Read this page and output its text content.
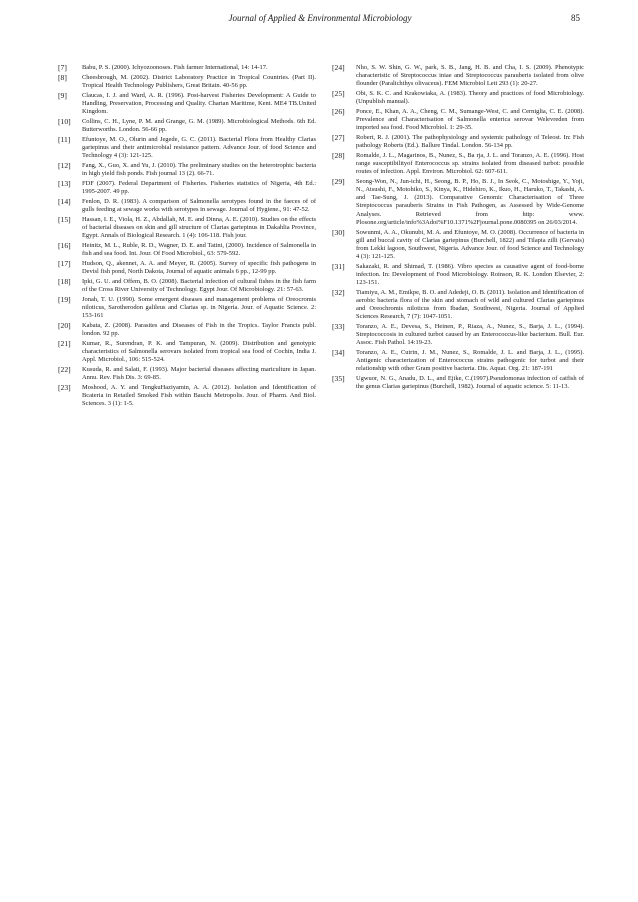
Journal of Applied & Environmental Microbiology	85
[7]	Babu, P. S. (2000). Ichyozoonoses. Fish farmer International, 14: 14-17.
[8]	Cheesbrough, M. (2002). District Laboratory Practice in Tropical Countries. (Part II). Tropical Health Technology Publishers, Great Britain. 40-56 pp.
[9]	Claucas, I. J. and Ward, A. R. (1996). Post-harvest Fisheries Development: A Guide to Handling, Preservation, Processing and Quality. Chartan Maritime, Kent. ME4 TB.United Kingdom.
[10]	Collins, C. H., Lyne, P. M. and Grange, G. M. (1989). Microbiological Methods. 6th Ed. Butterworths. London. 56-66 pp.
[11]	Efuntoye, M. O., Olurin and Jegede, G. C. (2011). Bacterial Flora from Healthy Clarias gariepinus and their antimicrobial resistance pattern. Advance Jour. of food Science and Technology 4 (3): 121-125.
[12]	Fang, X., Guo, X. and Yu, J. (2010). The preliminary studies on the heterotrophic bacteria in high yield fish ponds. Fish journal 13 (2). 66-71.
[13]	FDF (2007). Federal Department of Fisheries. Fisheries statistics of Nigeria, 4th Ed.: 1995-2007. 49 pp.
[14]	Fenlon, D. R. (1983). A comparison of Salmonella serotypes found in the faeces of of gulls feeding at sewage works with serotypes in sewage. Journal of Hygiene., 91: 47-52.
[15]	Hassan, I. E., Viola, H. Z., Abdallah, M. E. and Dinna, A. E. (2010). Studies on the effects of bacterial diseases on skin and gill structure of Clarias gariepinus in Dakahlia Province, Egypt. Annals of Biological Research. 1 (4): 106-118. Fish jour.
[16]	Heinitz, M. L., Ruble, R. D., Wagner, D. E. and Tatini, (2000). Incidence of Salmonella in fish and sea food. Int. Jour. Of Food Microbiol., 63: 579-592.
[17]	Hudson, Q., akennet, A. A. and Meyer, R. (2005). Survey of specific fish pathogens in Devisl fish pond, North Dakota, Journal of aquatic animals 6 pp., 12-99 pp.
[18]	Ipki, G. U. and Offem, B. O. (2008). Bacterial infection of cultural fishes in the fish farm of the Cross River University of Technology. Egypt Jour. Of Microbiology. 21: 57-63.
[19]	Jonah, T. U. (1990). Some emergent diseases and management problems of Oreocromis niloticus, Sarotherodon galileus and Clarias sp. in Nigeria. Jour. of Aquatic Science. 2: 153-161
[20]	Kabata, Z. (2008). Parasites and Diseases of Fish in the Tropics. Taylor Francis publ. london. 92 pp.
[21]	Kumar, R., Surendran, P. K. and Tampuran, N. (2009). Distribution and genotypic characteristics of Salmonella serovars isolated from tropical sea food of Cochin, India J. Appl. Microbiol., 106: 515-524.
[22]	Kusuda, R. and Salati, F. (1993). Major bacterial diseases affecting mariculture in Japan. Annu. Rev. Fish Dis. 3: 69-85.
[23]	Moshood, A. Y. and TengkuHaziyamin, A. A. (2012). Isolation and Identification of Bcateria in Retailed Smoked Fish within Bauchi Metropolis. Jour. of Pharm. And Biol. Sciences. 3 (1): 1-5.
[24]	Nho, S. W. Shin, G. W., park, S. B., Jang, H. B. and Cha, I. S. (2009). Phenotypic characteristic of Streptococcus iniae and Streptococcus parauberis isolated from olive flounder (Paralichthys olivaceus). FEM Microbiol Lett 293 (1): 20-27.
[25]	Obi, S. K. C. and Krakowiaka, A. (1983). Theory and practices of food Microbiology. (Unpublish manual).
[26]	Ponce, E., Khan, A. A., Cheng, C. M., Sumange-West, C. and Cerniglia, C. E. (2008). Prevalence and Characterisation of Salmonella enterica serovar Welevreden from imported sea food. Food Microbiol. 1: 29-35.
[27]	Robert, R. J. (2001). The pathophysiology and systemic pathology of Teleost. In: Fish pathology Roberts (Ed.). Ballure Tindal. London. 56-134 pp.
[28]	Romalde, J. L., Magarinos, B., Nunez, S., Ba rja, J. L. and Toranzo, A. E. (1996). Host range susceptibilityof Enterococcus sp. strains isolated from diseased turbot: possible routes of infection. Appl. Environ. Microbiol. 62: 607-611.
[29]	Seong-Won, N., Jun-ichi, H., Seong, B. P., Ho, B. J., In Seok, C., Motoshige, Y., Yoji, N., Atsushi, F., Motohiko, S., Kinya, K., Hidehiro, K., Ikuo, H., Haruko, T., Takashi, A. and Tae-Sung, J. (2013). Comparative Genomic Characterisation of Three Streptococcus parauberis Strains in Fish Pathogen, as Assessed by Wide-Genome Analyses. Retrieved from http: www. Plosone.org/article/info%3Adoi%F10.1371%2Fjournal.pone.0080395 on 26/03/2014.
[30]	Sowunmi, A. A., Okunubi, M. A. and Efuntoye, M. O. (2008). Occurrence of bacteria in gill and buccal cavity of Clarias gariepinus (Burchell, 1822) and Tilapia zilli (Gervais) from Lekki lagoon, Southwest, Nigeria. Advance Jour. of food Science and Technology 4 (3): 121-125.
[31]	Sakazaki, R. and Shimad, T. (1986). Vibro species as causative agent of food-borne infection. In: Development of Food Microbiology. Roinson, R. K. London Elsevier, 2: 123-151.
[32]	Tiamiyu, A. M., Emikpe, B. O. and Adedeji, O. B. (2011). Isolation and Identification of aerobic bacteria flora of the skin and stomach of wild and cultured Clarias gariepinus and Oreochromis niloticus from Ibadan, Southwest, Nigeria. Journal of Applied Sciences Research, 7 (7): 1047-1051.
[33]	Toranzo, A. E., Devesa, S., Heinen, P., Riaza, A., Nunez, S., Barja, J. L., (1994). Streptococcosis in cultured turbot caused by an Enterococcus-like bacterium. Bull. Eur. Assoc. Fish Pathol. 14:19-23.
[34]	Toranzo, A. E., Cutrin, J. M., Nunez, S., Romalde, J. L. and Barja, J. L., (1995). Antigenic characterization of Enterococcus strains pathogenic for turbot and their relationship with other Gram positive bacteria. Dis. Aquat. Org. 21: 187-191
[35]	Ugwuor, N. G., Anadu, D. L., and Ejike, C.(1997).Pseudomonas infection of catfish of the genus Clarias gariepinus (Burchell, 1982). Journal of aquatic science. 5: 11-13.
